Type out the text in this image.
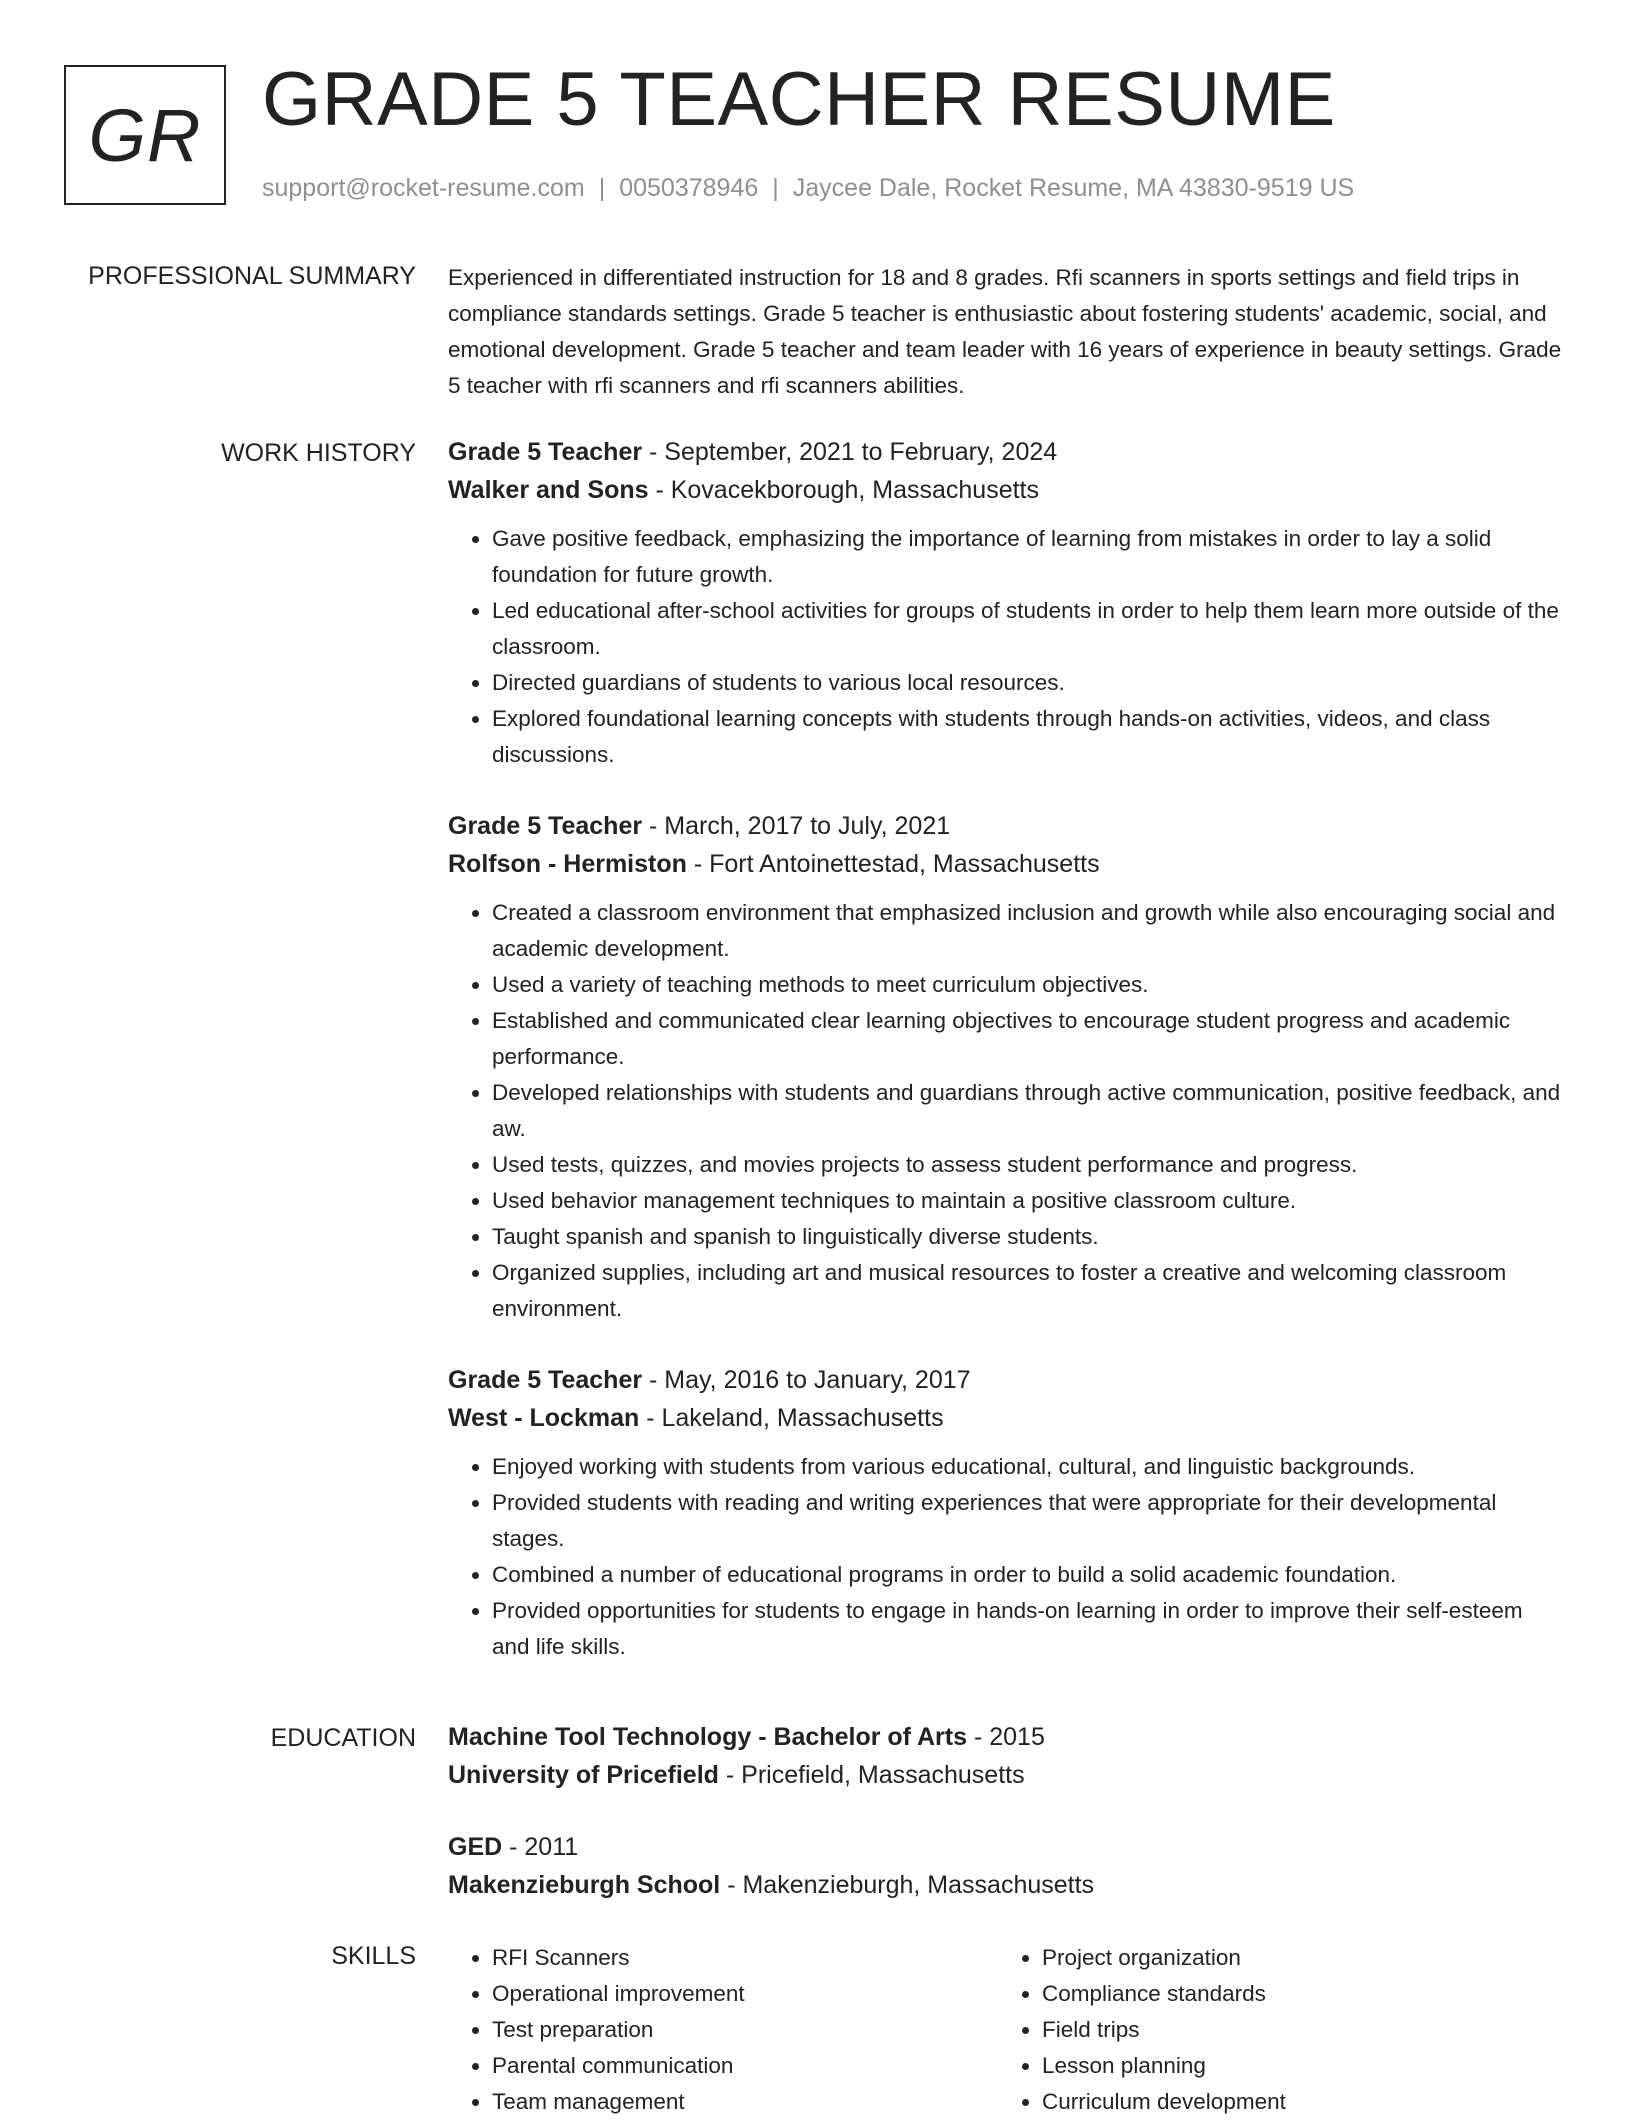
GR GRADE 5 TEACHER RESUME
support@rocket-resume.com | 0050378946 | Jaycee Dale, Rocket Resume, MA 43830-9519 US
PROFESSIONAL SUMMARY Experienced in differentiated instruction for 18 and 8 grades. Rfi scanners in sports settings and field trips in compliance standards settings. Grade 5 teacher is enthusiastic about fostering students' academic, social, and emotional development. Grade 5 teacher and team leader with 16 years of experience in beauty settings. Grade 5 teacher with rfi scanners and rfi scanners abilities.

WORK HISTORY Grade 5 Teacher - September, 2021 to February, 2024
Walker and Sons - Kovacekborough, Massachusetts
• Gave positive feedback, emphasizing the importance of learning from mistakes in order to lay a solid foundation for future growth.
• Led educational after-school activities for groups of students in order to help them learn more outside of the classroom.
• Directed guardians of students to various local resources.
• Explored foundational learning concepts with students through hands-on activities, videos, and class discussions.
Grade 5 Teacher - March, 2017 to July, 2021
Rolfson - Hermiston - Fort Antoinettestad, Massachusetts
• Created a classroom environment that emphasized inclusion and growth while also encouraging social and academic development.
• Used a variety of teaching methods to meet curriculum objectives.
• Established and communicated clear learning objectives to encourage student progress and academic performance.
• Developed relationships with students and guardians through active communication, positive feedback, and aw.
• Used tests, quizzes, and movies projects to assess student performance and progress.
• Used behavior management techniques to maintain a positive classroom culture.
• Taught spanish and spanish to linguistically diverse students.
• Organized supplies, including art and musical resources to foster a creative and welcoming classroom environment.
Grade 5 Teacher - May, 2016 to January, 2017
West - Lockman - Lakeland, Massachusetts
• Enjoyed working with students from various educational, cultural, and linguistic backgrounds.
• Provided students with reading and writing experiences that were appropriate for their developmental stages.
• Combined a number of educational programs in order to build a solid academic foundation.
• Provided opportunities for students to engage in hands-on learning in order to improve their self-esteem and life skills.
EDUCATION Machine Tool Technology - Bachelor of Arts - 2015
University of Pricefield - Pricefield, Massachusetts
GED - 2011
Makenzieburgh School - Makenzieburgh, Massachusetts
SKILLS
•	RFI Scanners
• Operational improvement
• Test preparation
• Parental communication
• Team management
• Project organization
• Compliance standards
• Field trips
• Lesson planning
• Curriculum development
